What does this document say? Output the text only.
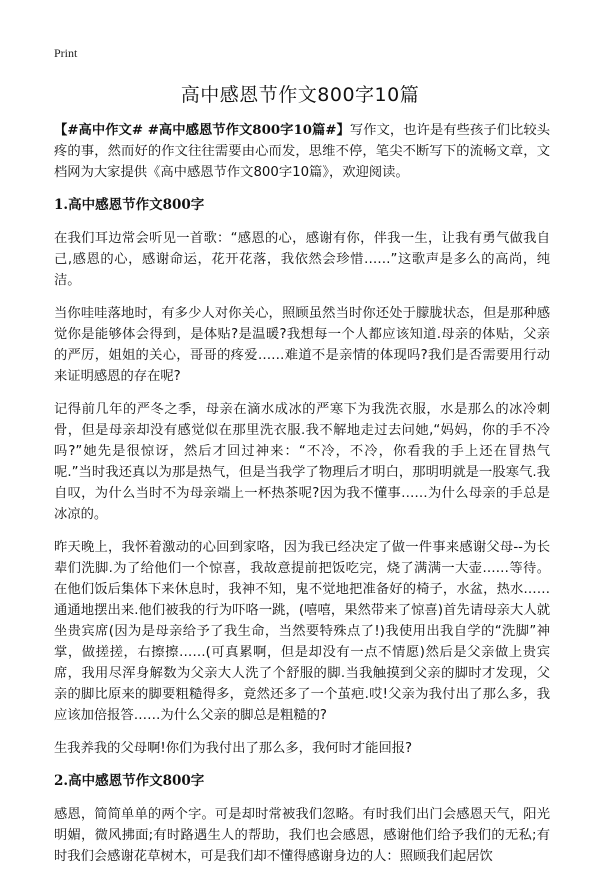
Print
高中感恩节作文800字10篇

【#高中作文# #高中感恩节作文800字10篇#】写作文，也许是有些孩子们比较头疼的事，然而好的作文往往需要由心而发，思维不停，笔尖不断写下的流畅文章，文档网为大家提供《高中感恩节作文800字10篇》，欢迎阅读。

1.高中感恩节作文800字

在我们耳边常会听见一首歌：“感恩的心，感谢有你，伴我一生，让我有勇气做我自己,感恩的心，感谢命运，花开花落，我依然会珍惜……”这歌声是多么的高尚，纯洁。

当你哇哇落地时，有多少人对你关心，照顾虽然当时你还处于朦胧状态，但是那种感觉你是能够体会得到，是体贴?是温暖?我想每一个人都应该知道.母亲的体贴，父亲的严厉，姐姐的关心，哥哥的疼爱……难道不是亲情的体现吗?我们是否需要用行动来证明感恩的存在呢?

记得前几年的严冬之季，母亲在滴水成冰的严寒下为我洗衣服，水是那么的冰冷刺骨，但是母亲却没有感觉似在那里洗衣服.我不解地走过去问她,“妈妈，你的手不冷吗?”她先是很惊讶，然后才回过神来：“不冷，不冷，你看我的手上还在冒热气呢.”当时我还真以为那是热气，但是当我学了物理后才明白，那明明就是一股寒气.我自叹，为什么当时不为母亲端上一杯热茶呢?因为我不懂事……为什么母亲的手总是冰凉的。

昨天晚上，我怀着激动的心回到家咯，因为我已经决定了做一件事来感谢父母--为长辈们洗脚.为了给他们一个惊喜，我故意提前把饭吃完，烧了满满一大壶……等待。在他们饭后集体下来休息时，我神不知，鬼不觉地把准备好的椅子，水盆，热水……通通地摆出来.他们被我的行为吓咯一跳，(嘻嘻，果然带来了惊喜)首先请母亲大人就坐贵宾席(因为是母亲给予了我生命，当然要特殊点了!)我使用出我自学的“洗脚”神掌，做搓搓，右擦擦……(可真累啊，但是却没有一点不情愿)然后是父亲做上贵宾席，我用尽浑身解数为父亲大人洗了个舒服的脚.当我触摸到父亲的脚时才发现，父亲的脚比原来的脚要粗糙得多，竟然还多了一个茧疤.哎!父亲为我付出了那么多，我应该加倍报答……为什么父亲的脚总是粗糙的?

生我养我的父母啊!你们为我付出了那么多，我何时才能回报?

2.高中感恩节作文800字

感恩，简简单单的两个字。可是却时常被我们忽略。有时我们出门会感恩天气，阳光明媚，微风拂面;有时路遇生人的帮助，我们也会感恩，感谢他们给予我们的无私;有时我们会感谢花草树木，可是我们却不懂得感谢身边的人：照顾我们起居饮
